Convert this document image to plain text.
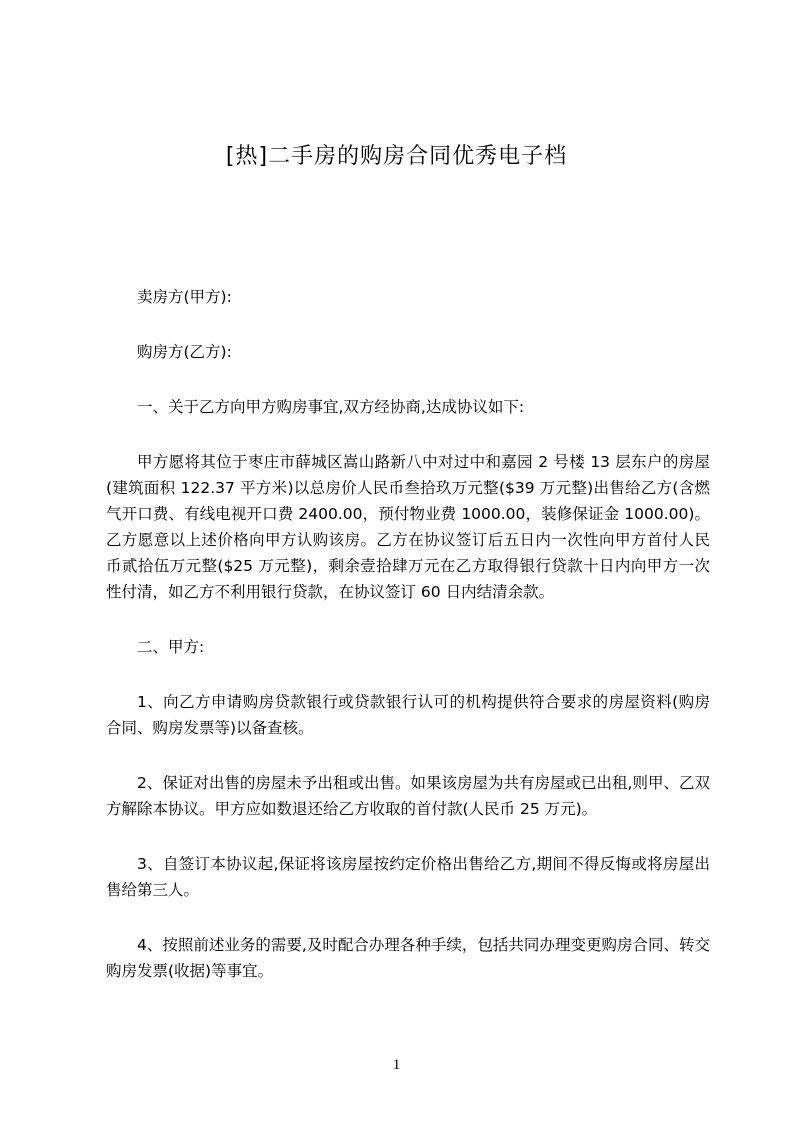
[热]二手房的购房合同优秀电子档

卖房方(甲方):

购房方(乙方):

一、关于乙方向甲方购房事宜,双方经协商,达成协议如下:

甲方愿将其位于枣庄市薛城区嵩山路新八中对过中和嘉园 2 号楼 13 层东户的房屋(建筑面积 122.37 平方米)以总房价人民币叁拾玖万元整($39 万元整)出售给乙方(含燃气开口费、有线电视开口费 2400.00，预付物业费 1000.00，装修保证金 1000.00)。乙方愿意以上述价格向甲方认购该房。乙方在协议签订后五日内一次性向甲方首付人民币贰拾伍万元整($25 万元整)，剩余壹拾肆万元在乙方取得银行贷款十日内向甲方一次性付清，如乙方不利用银行贷款，在协议签订 60 日内结清余款。

二、甲方:

1、向乙方申请购房贷款银行或贷款银行认可的机构提供符合要求的房屋资料(购房合同、购房发票等)以备查核。

2、保证对出售的房屋未予出租或出售。如果该房屋为共有房屋或已出租,则甲、乙双方解除本协议。甲方应如数退还给乙方收取的首付款(人民币 25 万元)。

3、自签订本协议起,保证将该房屋按约定价格出售给乙方,期间不得反悔或将房屋出售给第三人。

4、按照前述业务的需要,及时配合办理各种手续，包括共同办理变更购房合同、转交购房发票(收据)等事宜。

1
